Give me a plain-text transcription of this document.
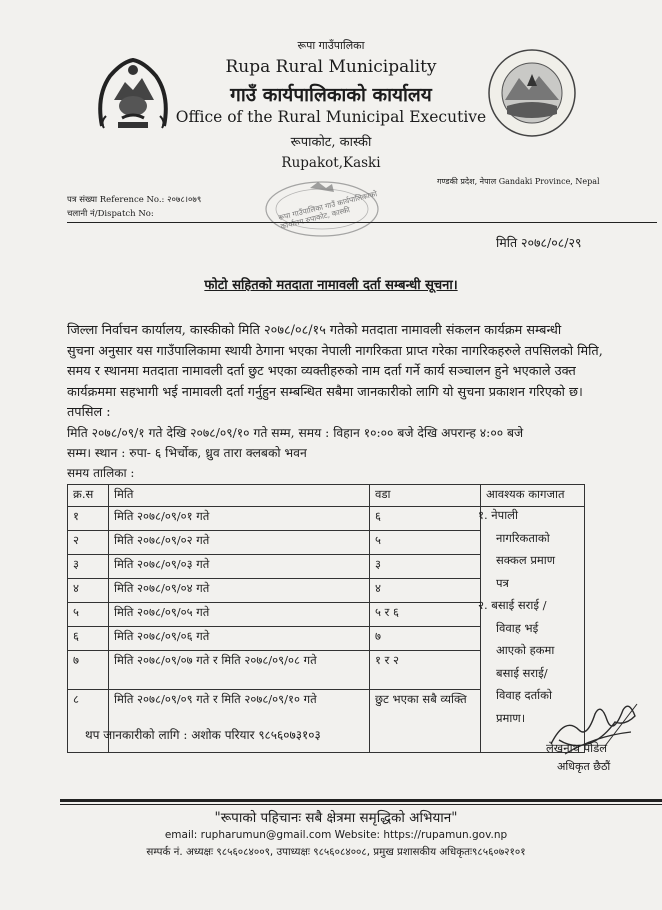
रूपा गाउँपालिका
Rupa Rural Municipality
गाउँ कार्यपालिकाको कार्यालय
Office of the Rural Municipal Executive
रूपाकोट, कास्की
Rupakot,Kaski
गण्डकी प्रदेश, नेपाल Gandaki Province, Nepal
पत्र संख्या Reference No.: २०७८।०७९
चलानी नं/Dispatch No:	रूपा गाउँपालिका गाउँ कार्यपालिकाको कार्यालय रुपाकोट, कास्की
मिति २०७८/०८/२९
फोटो सहितको मतदाता नामावली दर्ता सम्बन्धी सूचना।
जिल्ला निर्वाचन कार्यालय, कास्कीको मिति २०७८/०८/१५ गतेको मतदाता नामावली संकलन कार्यक्रम सम्बन्धी
सुचना अनुसार यस गाउँपालिकामा स्थायी ठेगाना भएका नेपाली नागरिकता प्राप्त गरेका नागरिकहरुले तपसिलको मिति,
समय र स्थानमा मतदाता नामावली दर्ता छुट भएका व्यक्तीहरुको नाम दर्ता गर्ने कार्य सञ्चालन हुने भएकाले उक्त
कार्यक्रममा सहभागी भई नामावली दर्ता गर्नुहुन सम्बन्धित सबैमा जानकारीको लागि यो सुचना प्रकाशन गरिएको छ।
तपसिल :
मिति २०७८/०९/१ गते देखि २०७८/०९/१० गते सम्म, समय : विहान १०:०० बजे देखि अपरान्ह ४:०० बजे
सम्म। स्थान : रुपा- ६ भिर्चोक, ध्रुव तारा क्लबको भवन
समय तालिका :
क्र.स	मिति	वडा	आवश्यक कागजात
१	मिति २०७८/०९/०१ गते	६	
२	मिति २०७८/०९/०२ गते	५	
३	मिति २०७८/०९/०३ गते	३	
४	मिति २०७८/०९/०४ गते	४	
५	मिति २०७८/०९/०५ गते	५ र ६	
६	मिति २०७८/०९/०६ गते	७	
७	मिति २०७८/०९/०७ गते र मिति २०७८/०९/०८ गते	१ र २	
८	मिति २०७८/०९/०९ गते र मिति २०७८/०९/१० गते	छुट भएका सबै व्यक्ति	
१. नेपाली
नागरिकताको
सक्कल प्रमाण
पत्र
२. बसाई सराई /
विवाह भई
आएको हकमा
बसाई सराई/
विवाह दर्ताको
प्रमाण।
थप जानकारीको लागि : अशोक परियार ९८५६०७३१०३
लेखनाथ पौडेल
अधिकृत छैठौं
"रूपाको पहिचानः सबै क्षेत्रमा समृद्धिको अभियान"
email: rupharumun@gmail.com Website: https://rupamun.gov.np
सम्पर्क नं. अध्यक्षः ९८५६०८४००९, उपाध्यक्षः ९८५६०८४००८, प्रमुख प्रशासकीय अधिकृतः९८५६०७२१०१
